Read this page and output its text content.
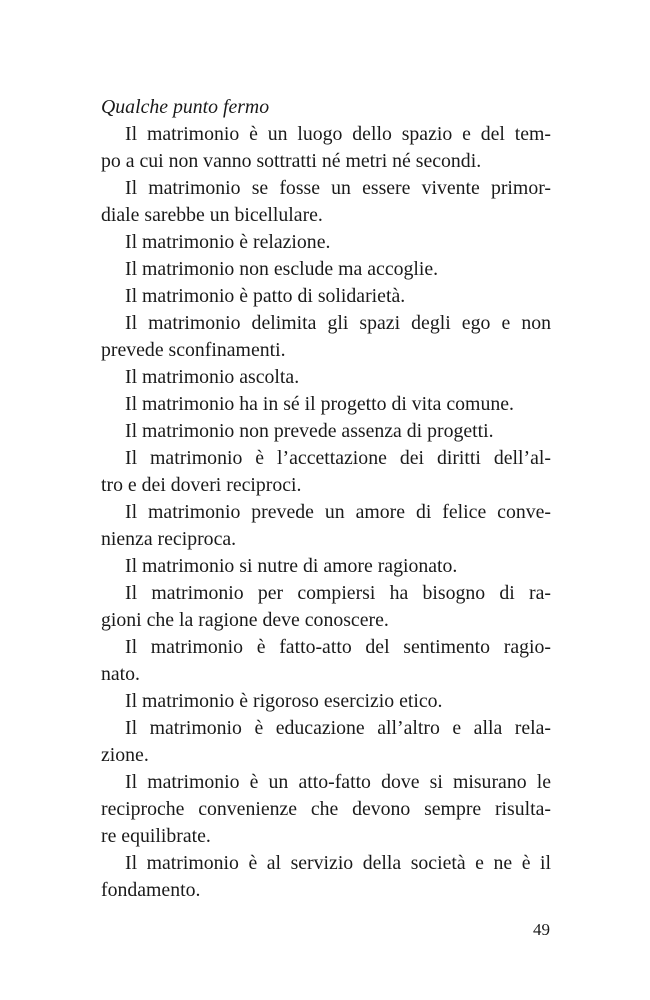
Qualche punto fermo
Il matrimonio è un luogo dello spazio e del tem-
po a cui non vanno sottratti né metri né secondi.
Il matrimonio se fosse un essere vivente primor-
diale sarebbe un bicellulare.
Il matrimonio è relazione.
Il matrimonio non esclude ma accoglie.
Il matrimonio è patto di solidarietà.
Il matrimonio delimita gli spazi degli ego e non
prevede sconfinamenti.
Il matrimonio ascolta.
Il matrimonio ha in sé il progetto di vita comune.
Il matrimonio non prevede assenza di progetti.
Il matrimonio è l’accettazione dei diritti dell’al-
tro e dei doveri reciproci.
Il matrimonio prevede un amore di felice conve-
nienza reciproca.
Il matrimonio si nutre di amore ragionato.
Il matrimonio per compiersi ha bisogno di ra-
gioni che la ragione deve conoscere.
Il matrimonio è fatto-atto del sentimento ragio-
nato.
Il matrimonio è rigoroso esercizio etico.
Il matrimonio è educazione all’altro e alla rela-
zione.
Il matrimonio è un atto-fatto dove si misurano le
reciproche convenienze che devono sempre risulta-
re equilibrate.
Il matrimonio è al servizio della società e ne è il
fondamento.
49
